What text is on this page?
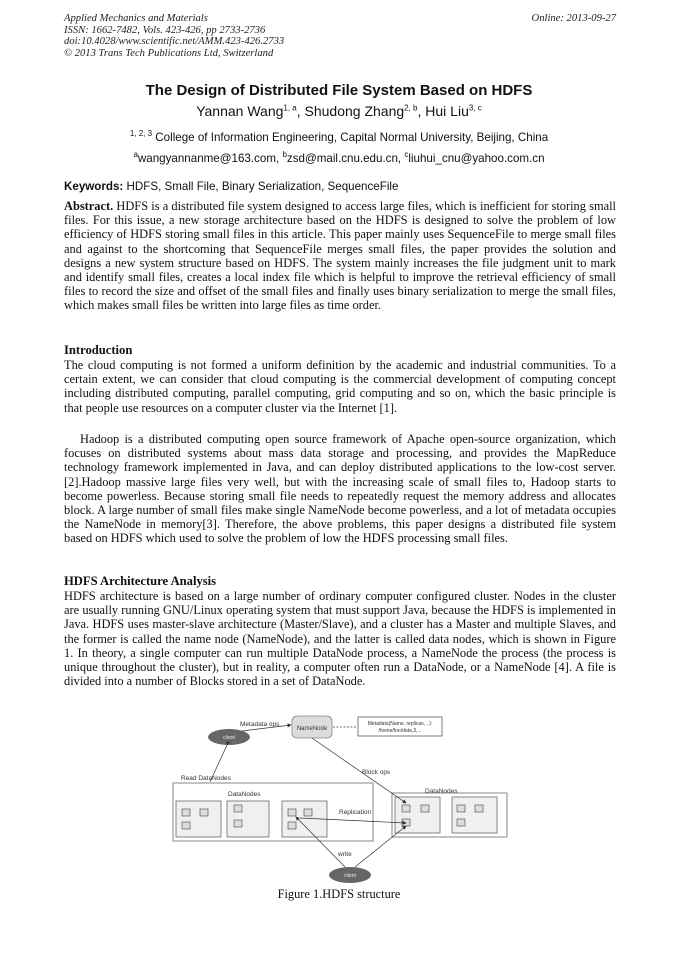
Applied Mechanics and Materials
ISSN: 1662-7482, Vols. 423-426, pp 2733-2736
doi:10.4028/www.scientific.net/AMM.423-426.2733
© 2013 Trans Tech Publications Ltd, Switzerland
Online: 2013-09-27
The Design of Distributed File System Based on HDFS
Yannan Wang$^{1, a}$, Shudong Zhang$^{2, b}$, Hui Liu$^{3, c}$
$^{1, 2, 3}$ College of Information Engineering, Capital Normal University, Beijing, China
$^a$wangyannanme@163.com, $^b$zsd@mail.cnu.edu.cn, $^c$liuhui_cnu@yahoo.com.cn
Keywords: HDFS, Small File, Binary Serialization, SequenceFile
Abstract. HDFS is a distributed file system designed to access large files, which is inefficient for storing small files. For this issue, a new storage architecture based on the HDFS is designed to solve the problem of low efficiency of HDFS storing small files in this article. This paper mainly uses SequenceFile to merge small files and against to the shortcoming that SequenceFile merges small files, the paper provides the solution and designs a new system structure based on HDFS. The system mainly increases the file judgment unit to mark and identify small files, creates a local index file which is helpful to improve the retrieval efficiency of small files to record the size and offset of the small files and finally uses binary serialization to merge the small files, which makes small files be written into large files as time order.
Introduction
The cloud computing is not formed a uniform definition by the academic and industrial communities. To a certain extent, we can consider that cloud computing is the commercial development of computing concept including distributed computing, parallel computing, grid computing and so on, which the basic principle is that people use resources on a computer cluster via the Internet [1].
Hadoop is a distributed computing open source framework of Apache open-source organization, which focuses on distributed systems about mass data storage and processing, and provides the MapReduce technology framework implemented in Java, and can deploy distributed applications to the low-cost server. [2].Hadoop massive large files very well, but with the increasing scale of small files to, Hadoop starts to become powerless. Because storing small file needs to repeatedly request the memory address and allocates block. A large number of small files make single NameNode become powerless, and a lot of metadata occupies the NameNode in memory[3]. Therefore, the above problems, this paper designs a distributed file system based on HDFS which used to solve the problem of low the HDFS processing small files.
HDFS Architecture Analysis
HDFS architecture is based on a large number of ordinary computer configured cluster. Nodes in the cluster are usually running GNU/Linux operating system that must support Java, because the HDFS is implemented in Java. HDFS uses master-slave architecture (Master/Slave), and a cluster has a Master and multiple Slaves, and the former is called the name node (NameNode), and the latter is called data nodes, which is shown in Figure 1. In theory, a single computer can run multiple DataNode process, a NameNode the process (the process is unique throughout the cluster), but in reality, a computer often run a DataNode, or a NameNode [4]. A file is divided into a number of Blocks stored in a set of DataNode.
NameNode
Metadata(Name, replicas, ..):
/home/foo/data,3,...
client
Metadata ops
client
write
Read DataNodes
DataNodes	DataNodes
Block ops
Replication
Figure 1.HDFS structure
